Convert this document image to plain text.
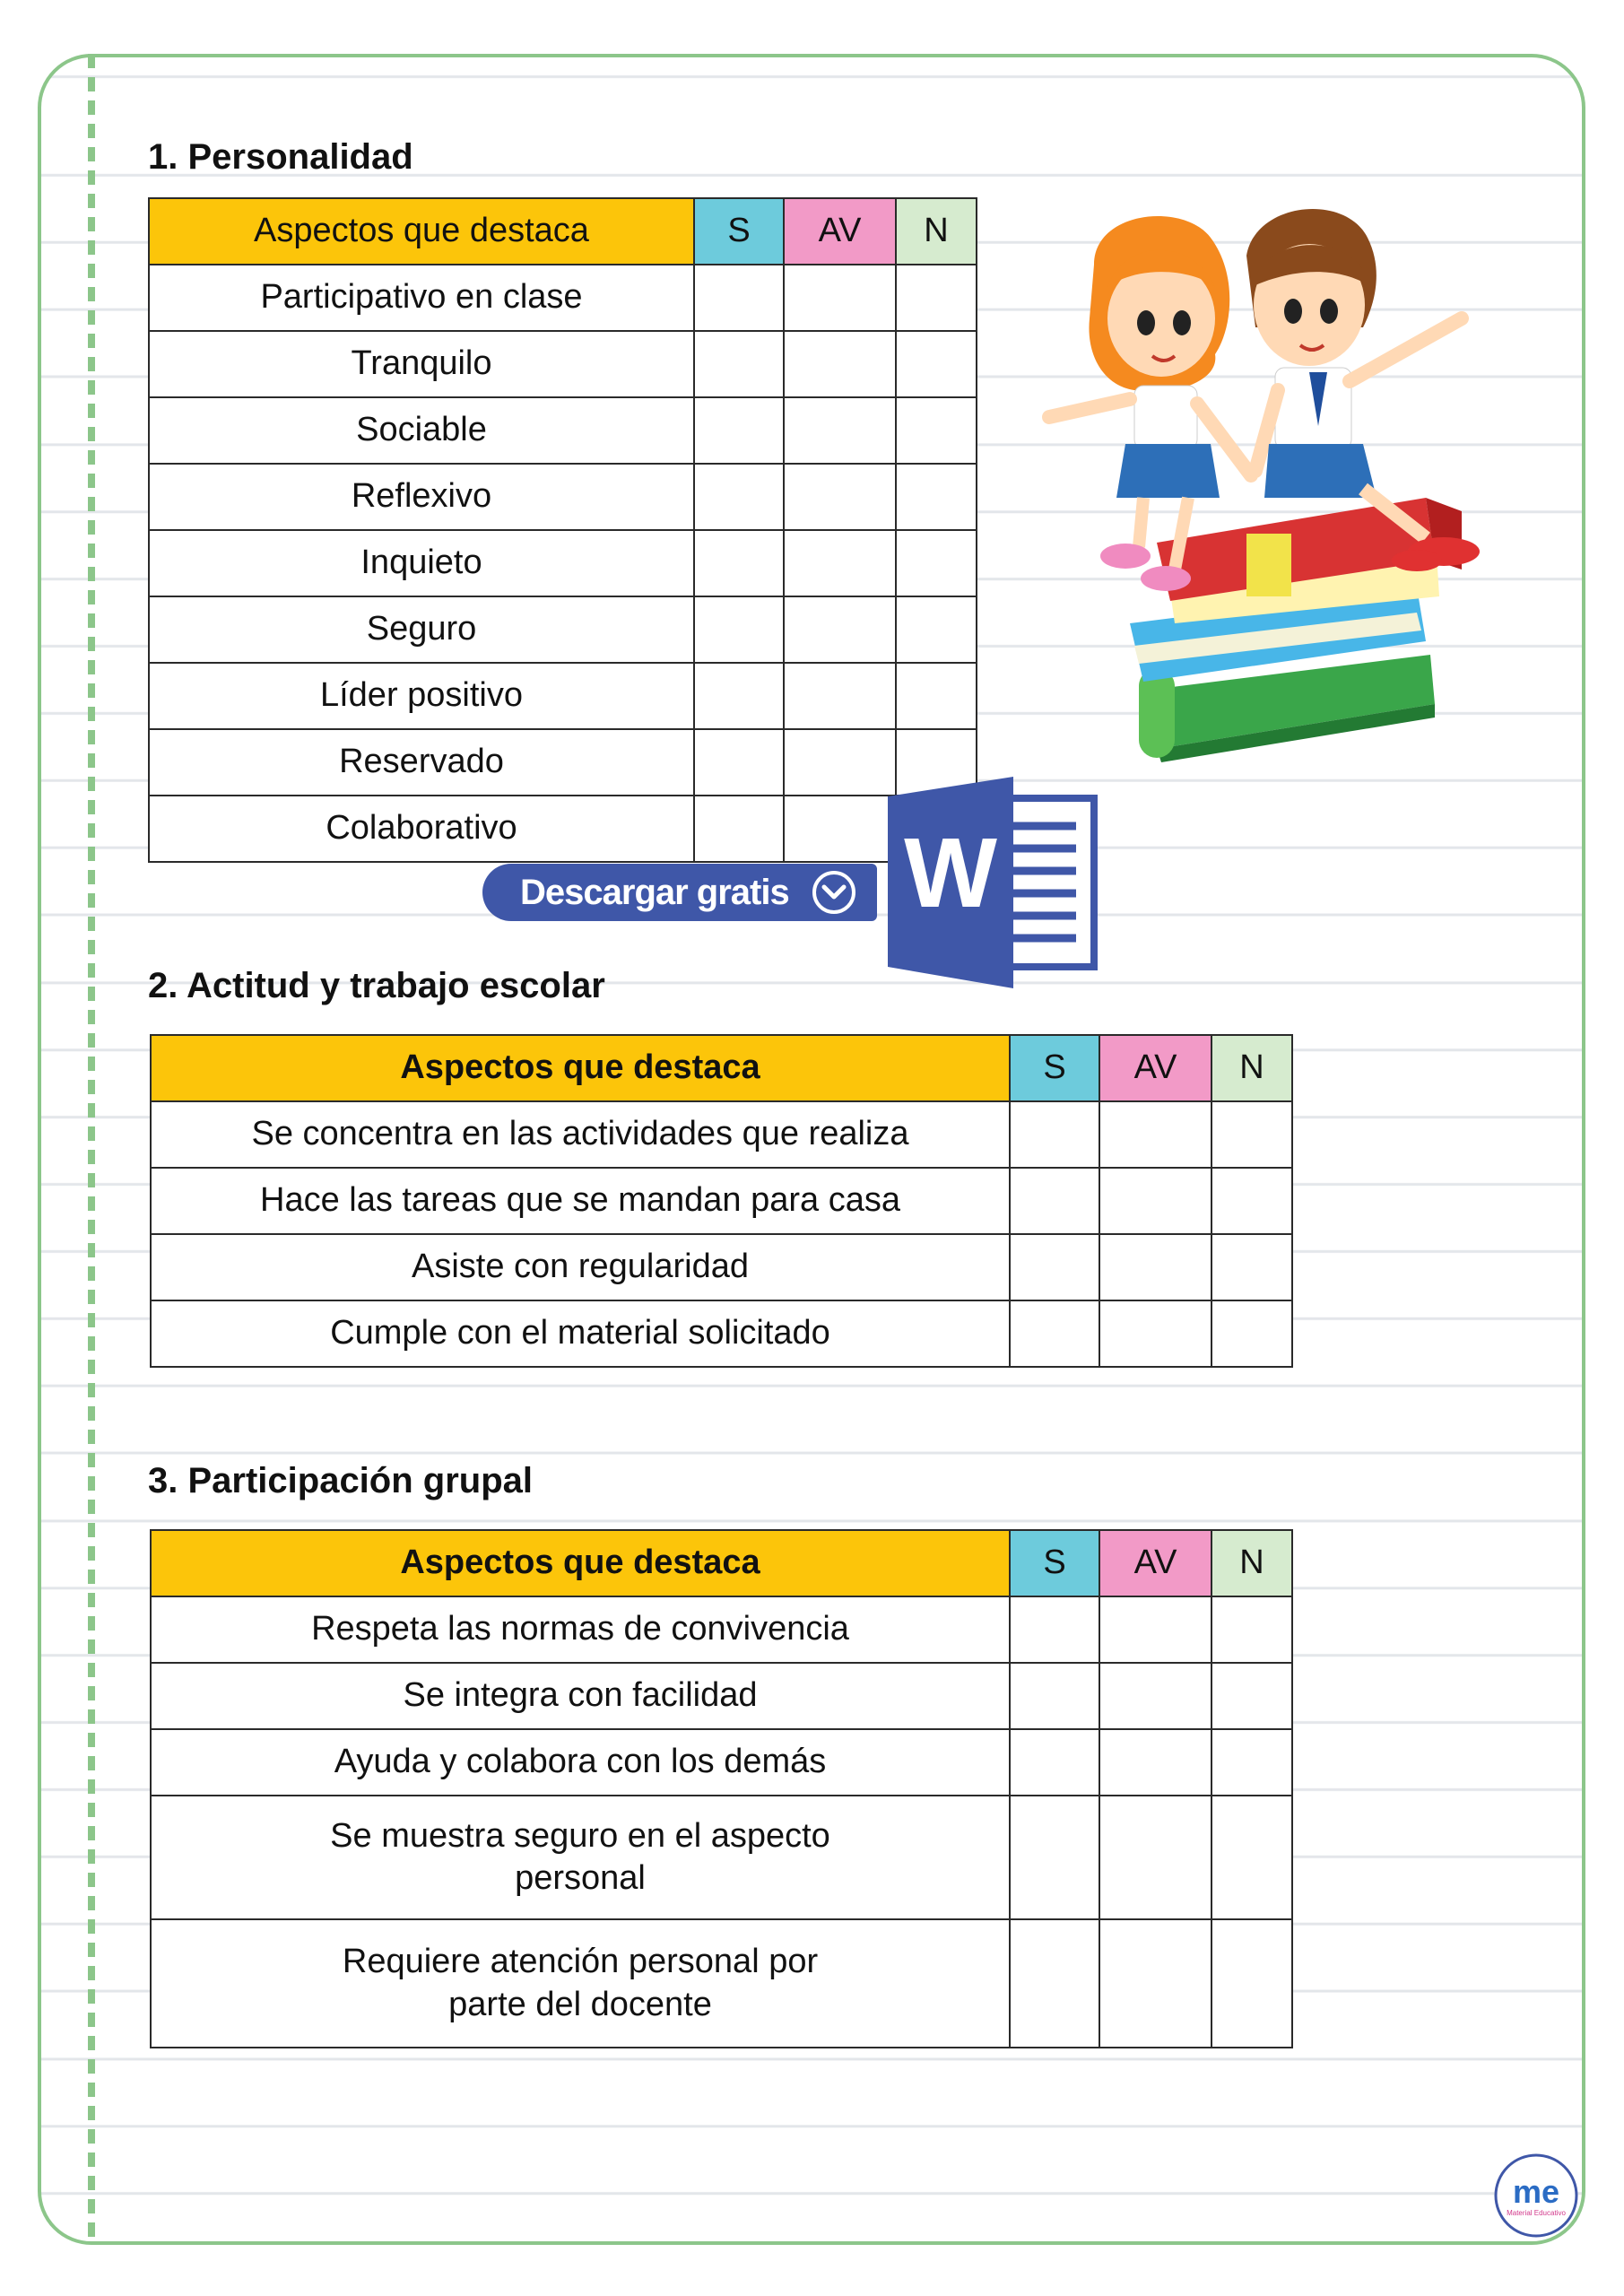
1. Personalidad
Aspectos que destaca	S	AV	N
Participativo en clase			
Tranquilo			
Sociable			
Reflexivo			
Inquieto			
Seguro			
Líder positivo			
Reservado			
Colaborativo			
Descargar gratis W
2. Actitud y trabajo escolar
Aspectos que destaca	S	AV	N
Se concentra en las actividades que realiza			
Hace las tareas que se mandan para casa			
Asiste con regularidad			
Cumple con el material solicitado			
3. Participación grupal
Aspectos que destaca	S	AV	N
Respeta las normas de convivencia			
Se integra con facilidad			
Ayuda y colabora con los demás			
Se muestra seguro en el aspecto
personal			
Requiere atención personal por
parte del docente			
me
Material Educativo
